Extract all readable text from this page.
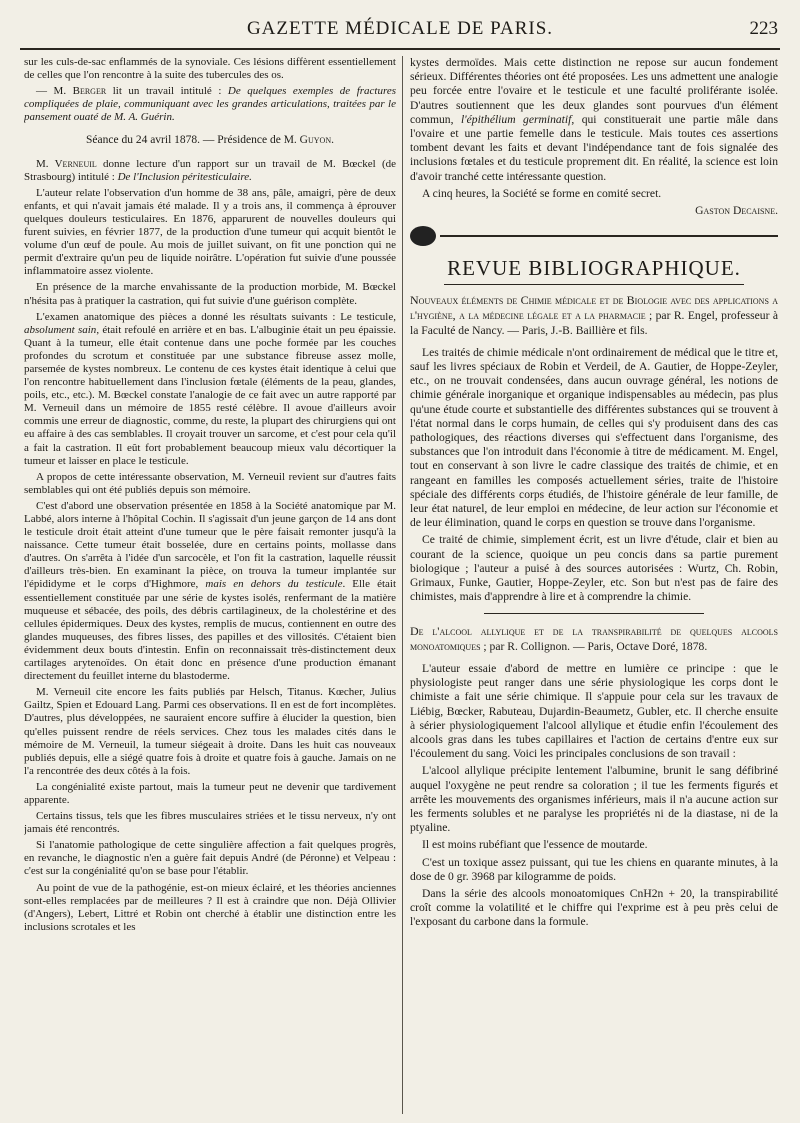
GAZETTE MÉDICALE DE PARIS.	223

sur les culs-de-sac enflammés de la synoviale. Ces lésions diffèrent essentiellement de celles que l'on rencontre à la suite des tubercules des os.

— M. Berger lit un travail intitulé : De quelques exemples de fractures compliquées de plaie, communiquant avec les grandes articulations, traitées par le pansement ouaté de M. A. Guérin.

Séance du 24 avril 1878. — Présidence de M. Guyon.

M. Verneuil donne lecture d'un rapport sur un travail de M. Bœckel (de Strasbourg) intitulé : De l'Inclusion péritesticulaire.

L'auteur relate l'observation d'un homme de 38 ans, pâle, amaigri, père de deux enfants, et qui n'avait jamais été malade. Il y a trois ans, il commença à éprouver quelques douleurs testiculaires. En 1876, apparurent de nouvelles douleurs qui furent suivies, en février 1877, de la production d'une tumeur qui acquit bientôt le volume d'un œuf de poule. Au mois de juillet suivant, on fit une ponction qui ne permit d'extraire qu'un peu de liquide noirâtre. L'opération fut suivie d'une poussée inflammatoire assez violente.

En présence de la marche envahissante de la production morbide, M. Bœckel n'hésita pas à pratiquer la castration, qui fut suivie d'une guérison complète.

L'examen anatomique des pièces a donné les résultats suivants : Le testicule, absolument sain, était refoulé en arrière et en bas. L'albuginie était un peu épaissie. Quant à la tumeur, elle était contenue dans une poche formée par les couches profondes du scrotum et constituée par une substance fibreuse assez molle, parsemée de kystes nombreux. Le contenu de ces kystes était identique à celui que l'on rencontre habituellement dans l'inclusion fœtale (éléments de la peau, glandes, poils, etc., etc.). M. Bœckel constate l'analogie de ce fait avec un autre rapporté par M. Verneuil dans un mémoire de 1855 resté célèbre. Il avoue d'ailleurs avoir commis une erreur de diagnostic, comme, du reste, la plupart des chirurgiens qui ont eu affaire à des cas semblables. Il croyait trouver un sarcome, et c'est pour cela qu'il a fait la castration. Il eût fort probablement beaucoup mieux valu décortiquer la tumeur et laisser en place le testicule.

A propos de cette intéressante observation, M. Verneuil revient sur d'autres faits semblables qui ont été publiés depuis son mémoire.

C'est d'abord une observation présentée en 1858 à la Société anatomique par M. Labbé, alors interne à l'hôpital Cochin. Il s'agissait d'un jeune garçon de 14 ans dont le testicule droit était atteint d'une tumeur que le père faisait remonter jusqu'à la naissance. Cette tumeur était bosselée, dure en certains points, mollasse dans d'autres. On s'arrêta à l'idée d'un sarcocèle, et l'on fit la castration, laquelle réussit d'ailleurs très-bien. En examinant la pièce, on trouva la tumeur implantée sur l'épididyme et le corps d'Highmore, mais en dehors du testicule. Elle était essentiellement constituée par une série de kystes isolés, renfermant de la matière muqueuse et sébacée, des poils, des débris cartilagineux, de la cholestérine et des cellules épidermiques. Deux des kystes, remplis de mucus, contiennent en outre des glandes muqueuses, des fibres lisses, des papilles et des villosités. C'étaient bien évidemment deux bouts d'intestin. Enfin on reconnaissait très-distinctement deux cartilages arytenoïdes. On était donc en présence d'une production émanant directement du feuillet interne du blastoderme.

M. Verneuil cite encore les faits publiés par Helsch, Titanus. Kœcher, Julius Gailtz, Spien et Edouard Lang. Parmi ces observations. Il en est de fort incomplètes. D'autres, plus développées, ne sauraient encore suffire à élucider la question, bien qu'elles puissent rendre de réels services. Chez tous les malades cités dans le mémoire de M. Verneuil, la tumeur siégeait à droite. Dans les huit cas nouveaux publiés depuis, elle a siégé quatre fois à droite et quatre fois à gauche. Jamais on ne l'a rencontrée des deux côtés à la fois.

La congénialité existe partout, mais la tumeur peut ne devenir que tardivement apparente.

Certains tissus, tels que les fibres musculaires striées et le tissu nerveux, n'y ont jamais été rencontrés.

Si l'anatomie pathologique de cette singulière affection a fait quelques progrès, en revanche, le diagnostic n'en a guère fait depuis André (de Péronne) et Velpeau : c'est sur la congénialité qu'on se base pour l'établir.

Au point de vue de la pathogénie, est-on mieux éclairé, et les théories anciennes sont-elles remplacées par de meilleures ? Il est à craindre que non. Déjà Ollivier (d'Angers), Lebert, Littré et Robin ont cherché à établir une distinction entre les inclusions scrotales et les

kystes dermoïdes. Mais cette distinction ne repose sur aucun fondement sérieux. Différentes théories ont été proposées. Les uns admettent une analogie peu forcée entre l'ovaire et le testicule et une faculté proliférante isolée. D'autres soutiennent que les deux glandes sont pourvues d'un élément commun, l'épithélium germinatif, qui constituerait une partie mâle dans l'ovaire et une partie femelle dans le testicule. Mais toutes ces assertions tombent devant les faits et devant l'indépendance tant de fois signalée des inclusions fœtales et du testicule proprement dit. En réalité, la science est loin d'avoir tranché cette intéressante question.

A cinq heures, la Société se forme en comité secret.

Gaston Decaisne.

REVUE BIBLIOGRAPHIQUE.

Nouveaux éléments de Chimie médicale et de Biologie avec des applications a l'hygiène, a la médecine légale et a la pharmacie ; par R. Engel, professeur à la Faculté de Nancy. — Paris, J.-B. Baillière et fils.

Les traités de chimie médicale n'ont ordinairement de médical que le titre et, sauf les livres spéciaux de Robin et Verdeil, de A. Gautier, de Hoppe-Zeyler, etc., on ne trouvait condensées, dans aucun ouvrage général, les notions de chimie générale inorganique et organique indispensables au médecin, pas plus qu'une étude courte et substantielle des différentes substances qui se trouvent à l'état normal dans le corps humain, de celles qui s'y produisent dans des cas pathologiques, des réactions diverses qui s'effectuent dans l'organisme, des substances que l'on introduit dans l'économie à titre de médicament. M. Engel, tout en conservant à son livre le cadre classique des traités de chimie, et en rangeant en familles les composés actuellement séries, traite de l'histoire spéciale des différents corps étudiés, de l'histoire générale de leur famille, de leur état naturel, de leur emploi en médecine, de leur action sur l'économie et de leur élimination, quand le corps en question se trouve dans l'organisme.

Ce traité de chimie, simplement écrit, est un livre d'étude, clair et bien au courant de la science, quoique un peu concis dans sa partie purement biologique ; l'auteur a puisé à des sources autorisées : Wurtz, Ch. Robin, Grimaux, Funke, Gautier, Hoppe-Zeyler, etc. Son but n'est pas de faire des chimistes, mais d'apprendre à lire et à comprendre la chimie.

De l'alcool allylique et de la transpirabilité de quelques alcools monoatomiques ; par R. Collignon. — Paris, Octave Doré, 1878.

L'auteur essaie d'abord de mettre en lumière ce principe : que le physiologiste peut ranger dans une série physiologique les corps dont le chimiste a fait une série chimique. Il s'appuie pour cela sur les travaux de Liébig, Bœcker, Rabuteau, Dujardin-Beaumetz, Gubler, etc. Il cherche ensuite à sérier physiologiquement l'alcool allylique et étudie enfin l'écoulement des alcools gras dans les tubes capillaires et l'action de certains d'entre eux sur l'écoulement du sang. Voici les principales conclusions de son travail :

L'alcool allylique précipite lentement l'albumine, brunit le sang défibriné auquel l'oxygène ne peut rendre sa coloration ; il tue les ferments figurés et arrête les mouvements des organismes inférieurs, mais il n'a aucune action sur les ferments solubles et ne paralyse les propriétés ni de la diastase, ni de la ptyaline.

Il est moins rubéfiant que l'essence de moutarde.

C'est un toxique assez puissant, qui tue les chiens en quarante minutes, à la dose de 0 gr. 3968 par kilogramme de poids.

Dans la série des alcools monoatomiques CnH2n + 20, la transpirabilité croît comme la volatilité et le chiffre qui l'exprime est à peu près celui de l'exposant du carbone dans la formule.
